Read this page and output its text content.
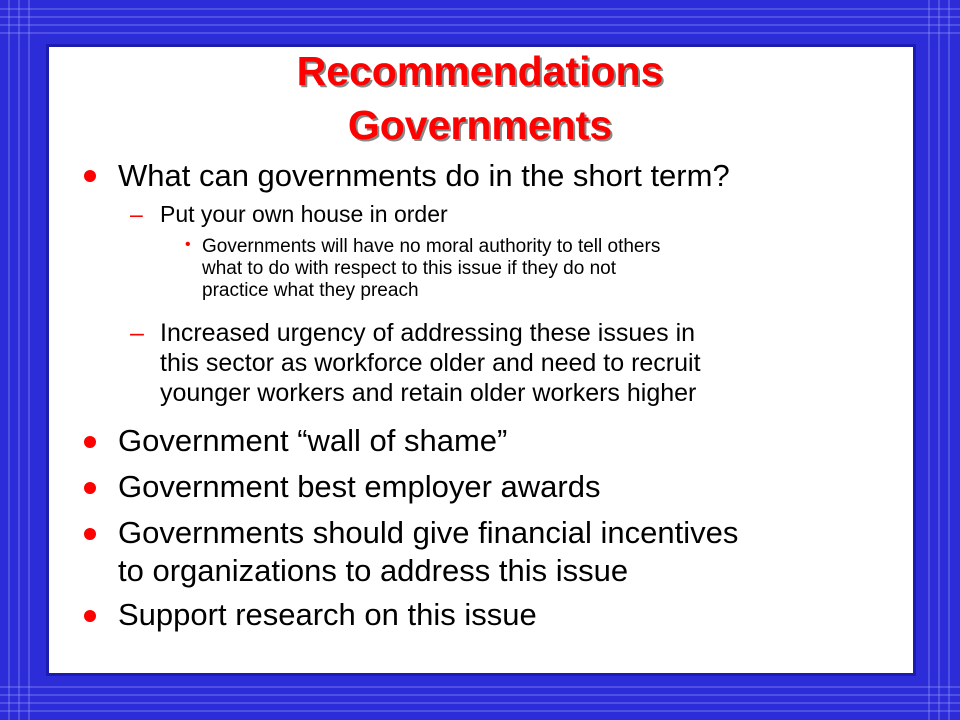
Recommendations
Governments
What can governments do in the short term?
– Put your own house in order
• Governments will have no moral authority to tell others
what to do with respect to this issue if they do not
practice what they preach
– Increased urgency of addressing these issues in
this sector as workforce older and need to recruit
younger workers and retain older workers higher
Government “wall of shame”
Government best employer awards
Governments should give financial incentives
to organizations to address this issue
Support research on this issue
